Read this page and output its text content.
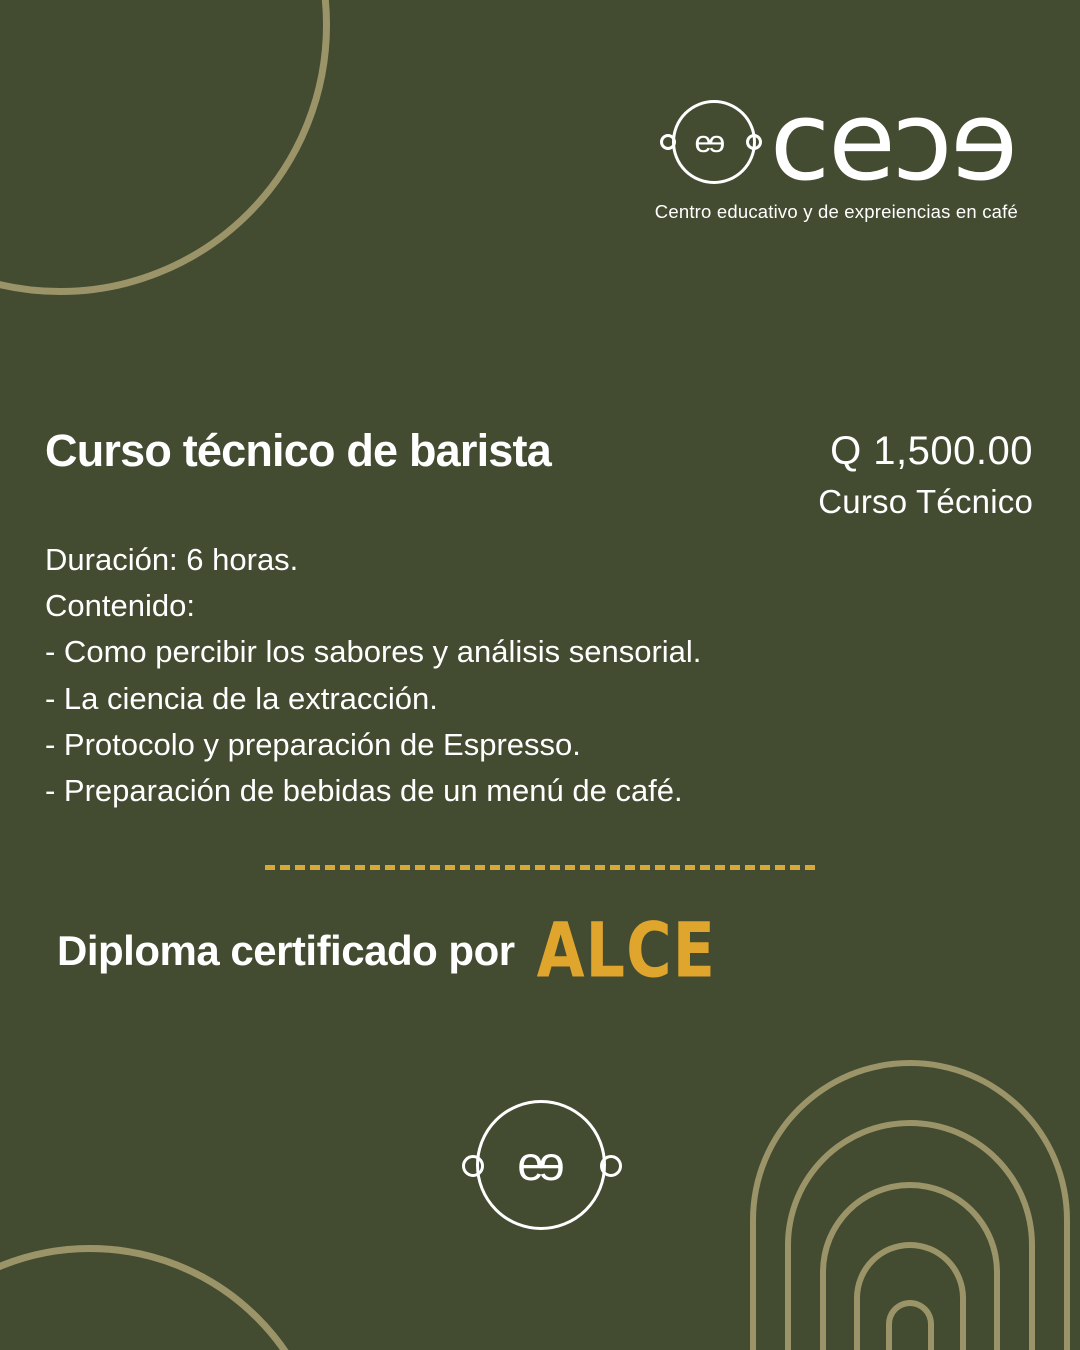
ee ceec
Centro educativo y de expreiencias en café
Curso técnico de barista	Q 1,500.00
Curso Técnico
Duración: 6 horas.
Contenido:
- Como percibir los sabores y análisis sensorial.
- La ciencia de la extracción.
- Protocolo y preparación de Espresso.
- Preparación de bebidas de un menú de café.
Diploma certificado por ALCE
ee
